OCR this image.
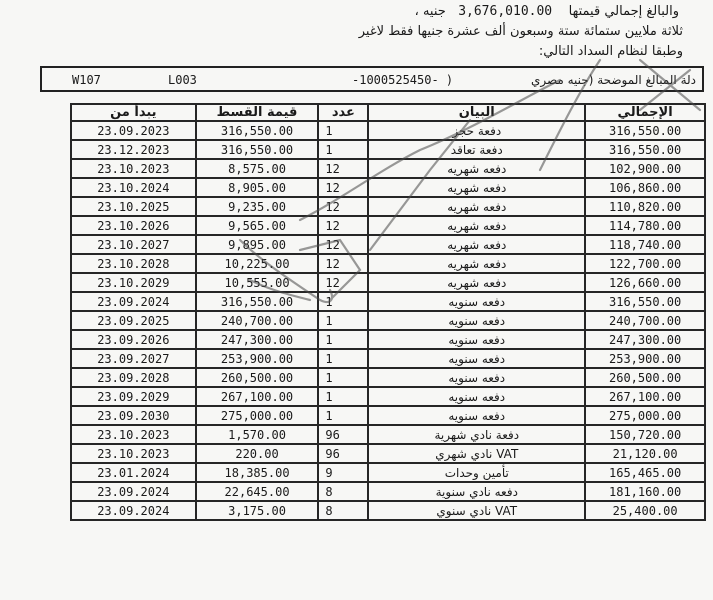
والبالغ إجمالي قيمتها    3,676,010.00   جنيه ،
ثلاثة ملايين ستمائة ستة وسبعون ألف عشرة جنيها فقط لاغير
وطبقا لنظام السداد التالي:
W107	L003	-1000525450- )	دلة المبالغ الموضحة (جنيه مصري
يبدأ من	قيمة القسط	عدد	البيان	الإجمالي
23.09.2023	316,550.00	1	دفعة حجز	316,550.00
23.12.2023	316,550.00	1	دفعة تعاقد	316,550.00
23.10.2023	8,575.00	12	دفعه شهريه	102,900.00
23.10.2024	8,905.00	12	دفعه شهريه	106,860.00
23.10.2025	9,235.00	12	دفعه شهريه	110,820.00
23.10.2026	9,565.00	12	دفعه شهريه	114,780.00
23.10.2027	9,895.00	12	دفعه شهريه	118,740.00
23.10.2028	10,225.00	12	دفعه شهريه	122,700.00
23.10.2029	10,555.00	12	دفعه شهريه	126,660.00
23.09.2024	316,550.00	1	دفعه سنويه	316,550.00
23.09.2025	240,700.00	1	دفعه سنويه	240,700.00
23.09.2026	247,300.00	1	دفعه سنويه	247,300.00
23.09.2027	253,900.00	1	دفعه سنويه	253,900.00
23.09.2028	260,500.00	1	دفعه سنويه	260,500.00
23.09.2029	267,100.00	1	دفعه سنويه	267,100.00
23.09.2030	275,000.00	1	دفعه سنويه	275,000.00
23.10.2023	1,570.00	96	دفعة نادي شهرية	150,720.00
23.10.2023	220.00	96	VAT نادي شهري	21,120.00
23.01.2024	18,385.00	9	تأمين وحدات	165,465.00
23.09.2024	22,645.00	8	دفعه نادي سنوية	181,160.00
23.09.2024	3,175.00	8	VAT نادي سنوي	25,400.00
